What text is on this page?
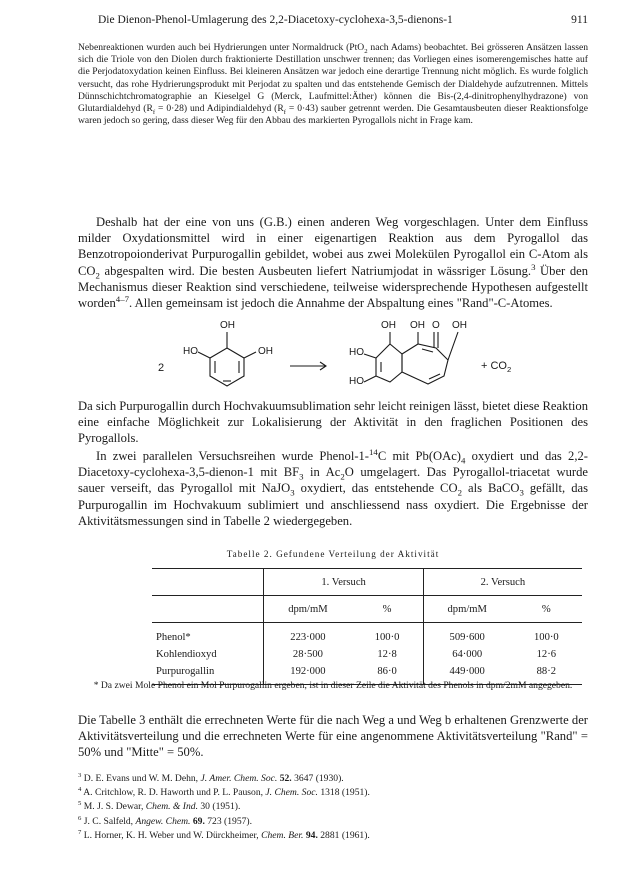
Die Dienon-Phenol-Umlagerung des 2,2-Diacetoxy-cyclohexa-3,5-dienons-1	911

Nebenreaktionen wurden auch bei Hydrierungen unter Normaldruck (PtO$_2$ nach Adams) beobachtet. Bei grösseren Ansätzen lassen sich die Triole von den Diolen durch fraktionierte Destillation unschwer trennen; das Vorliegen eines isomerengemisches hatte auf die Perjodatoxydation keinen Einfluss. Bei kleineren Ansätzen war jedoch eine derartige Trennung nicht möglich. Es wurde folglich versucht, das rohe Hydrierungsprodukt mit Perjodat zu spalten und das entstehende Gemisch der Dialdehyde aufzutrennen. Mittels Dünnschichtchromatographie an Kieselgel G (Merck, Laufmittel:Äther) können die Bis-(2,4-dinitrophenylhydrazone) von Glutardialdehyd $(R_f = 0\cdot 28)$ und Adipindialdehyd $(R_f = 0\cdot 43)$ sauber getrennt werden. Die Gesamtausbeuten dieser Reaktionsfolge waren jedoch so gering, dass dieser Weg für den Abbau des markierten Pyrogallols nicht in Frage kam.

Deshalb hat der eine von uns (G.B.) einen anderen Weg vorgeschlagen. Unter dem Einfluss milder Oxydationsmittel wird in einer eigenartigen Reaktion aus dem Pyrogallol das Benzotropoionderivat Purpurogallin gebildet, wobei aus zwei Molekülen Pyrogallol ein C-Atom als $CO_2$ abgespalten wird. Die besten Ausbeuten liefert Natriumjodat in wässriger Lösung.$^3$ Über den Mechanismus dieser Reaktion sind verschiedene, teilweise widersprechende Hypothesen aufgestellt worden$^{4-7}$. Allen gemeinsam ist jedoch die Annahme der Abspaltung eines "Rand"-C-Atomes.

OH
HO	OH
2
OH
HO
HO
OH O OH
+ $CO_2$

Da sich Purpurogallin durch Hochvakuumsublimation sehr leicht reinigen lässt, bietet diese Reaktion eine einfache Möglichkeit zur Lokalisierung der Aktivität in den fraglichen Positionen des Pyrogallols.

In zwei parallelen Versuchsreihen wurde Phenol-1-$^{14}$C mit $Pb(OAc)_4$ oxydiert und das 2,2-Diacetoxy-cyclohexa-3,5-dienon-1 mit $BF_3$ in $Ac_2O$ umgelagert. Das Pyrogallol-triacetat wurde sauer verseift, das Pyrogallol mit NaJO$_3$ oxydiert, das entstehende $CO_2$ als BaCO$_3$ gefällt, das Purpurogallin im Hochvakuum sublimiert und anschliessend nass oxydiert. Die Ergebnisse der Aktivitätsmessungen sind in Tabelle 2 wiedergegeben.

Tabelle 2. Gefundene Verteilung der Aktivität
	1. Versuch		2. Versuch	
	dpm/mM	%	dpm/mM	%
Phenol*	223·000	100·0	509·600	100·0
Kohlendioxyd	28·500	12·8	64·000	12·6
Purpurogallin	192·000	86·0	449·000	88·2
* Da zwei Mole Phenol ein Mol Purpurogallin ergeben, ist in dieser Zeile die Aktivität des Phenols in dpm/2mM angegeben.

Die Tabelle 3 enthält die errechneten Werte für die nach Weg a und Weg b erhaltenen Grenzwerte der Aktivitätsverteilung und die errechneten Werte für eine angenommene Aktivitätsverteilung "Rand" = 50% und "Mitte" = 50%.

$^3$ D. E. Evans und W. M. Dehn, J. Amer. Chem. Soc. 52. 3647 (1930).
$^4$ A. Critchlow, R. D. Haworth und P. L. Pauson, J. Chem. Soc. 1318 (1951).
$^5$ M. J. S. Dewar, Chem. & Ind. 30 (1951).
$^6$ J. C. Salfeld, Angew. Chem. 69. 723 (1957).
$^7$ L. Horner, K. H. Weber und W. Dürckheimer, Chem. Ber. 94. 2881 (1961).
